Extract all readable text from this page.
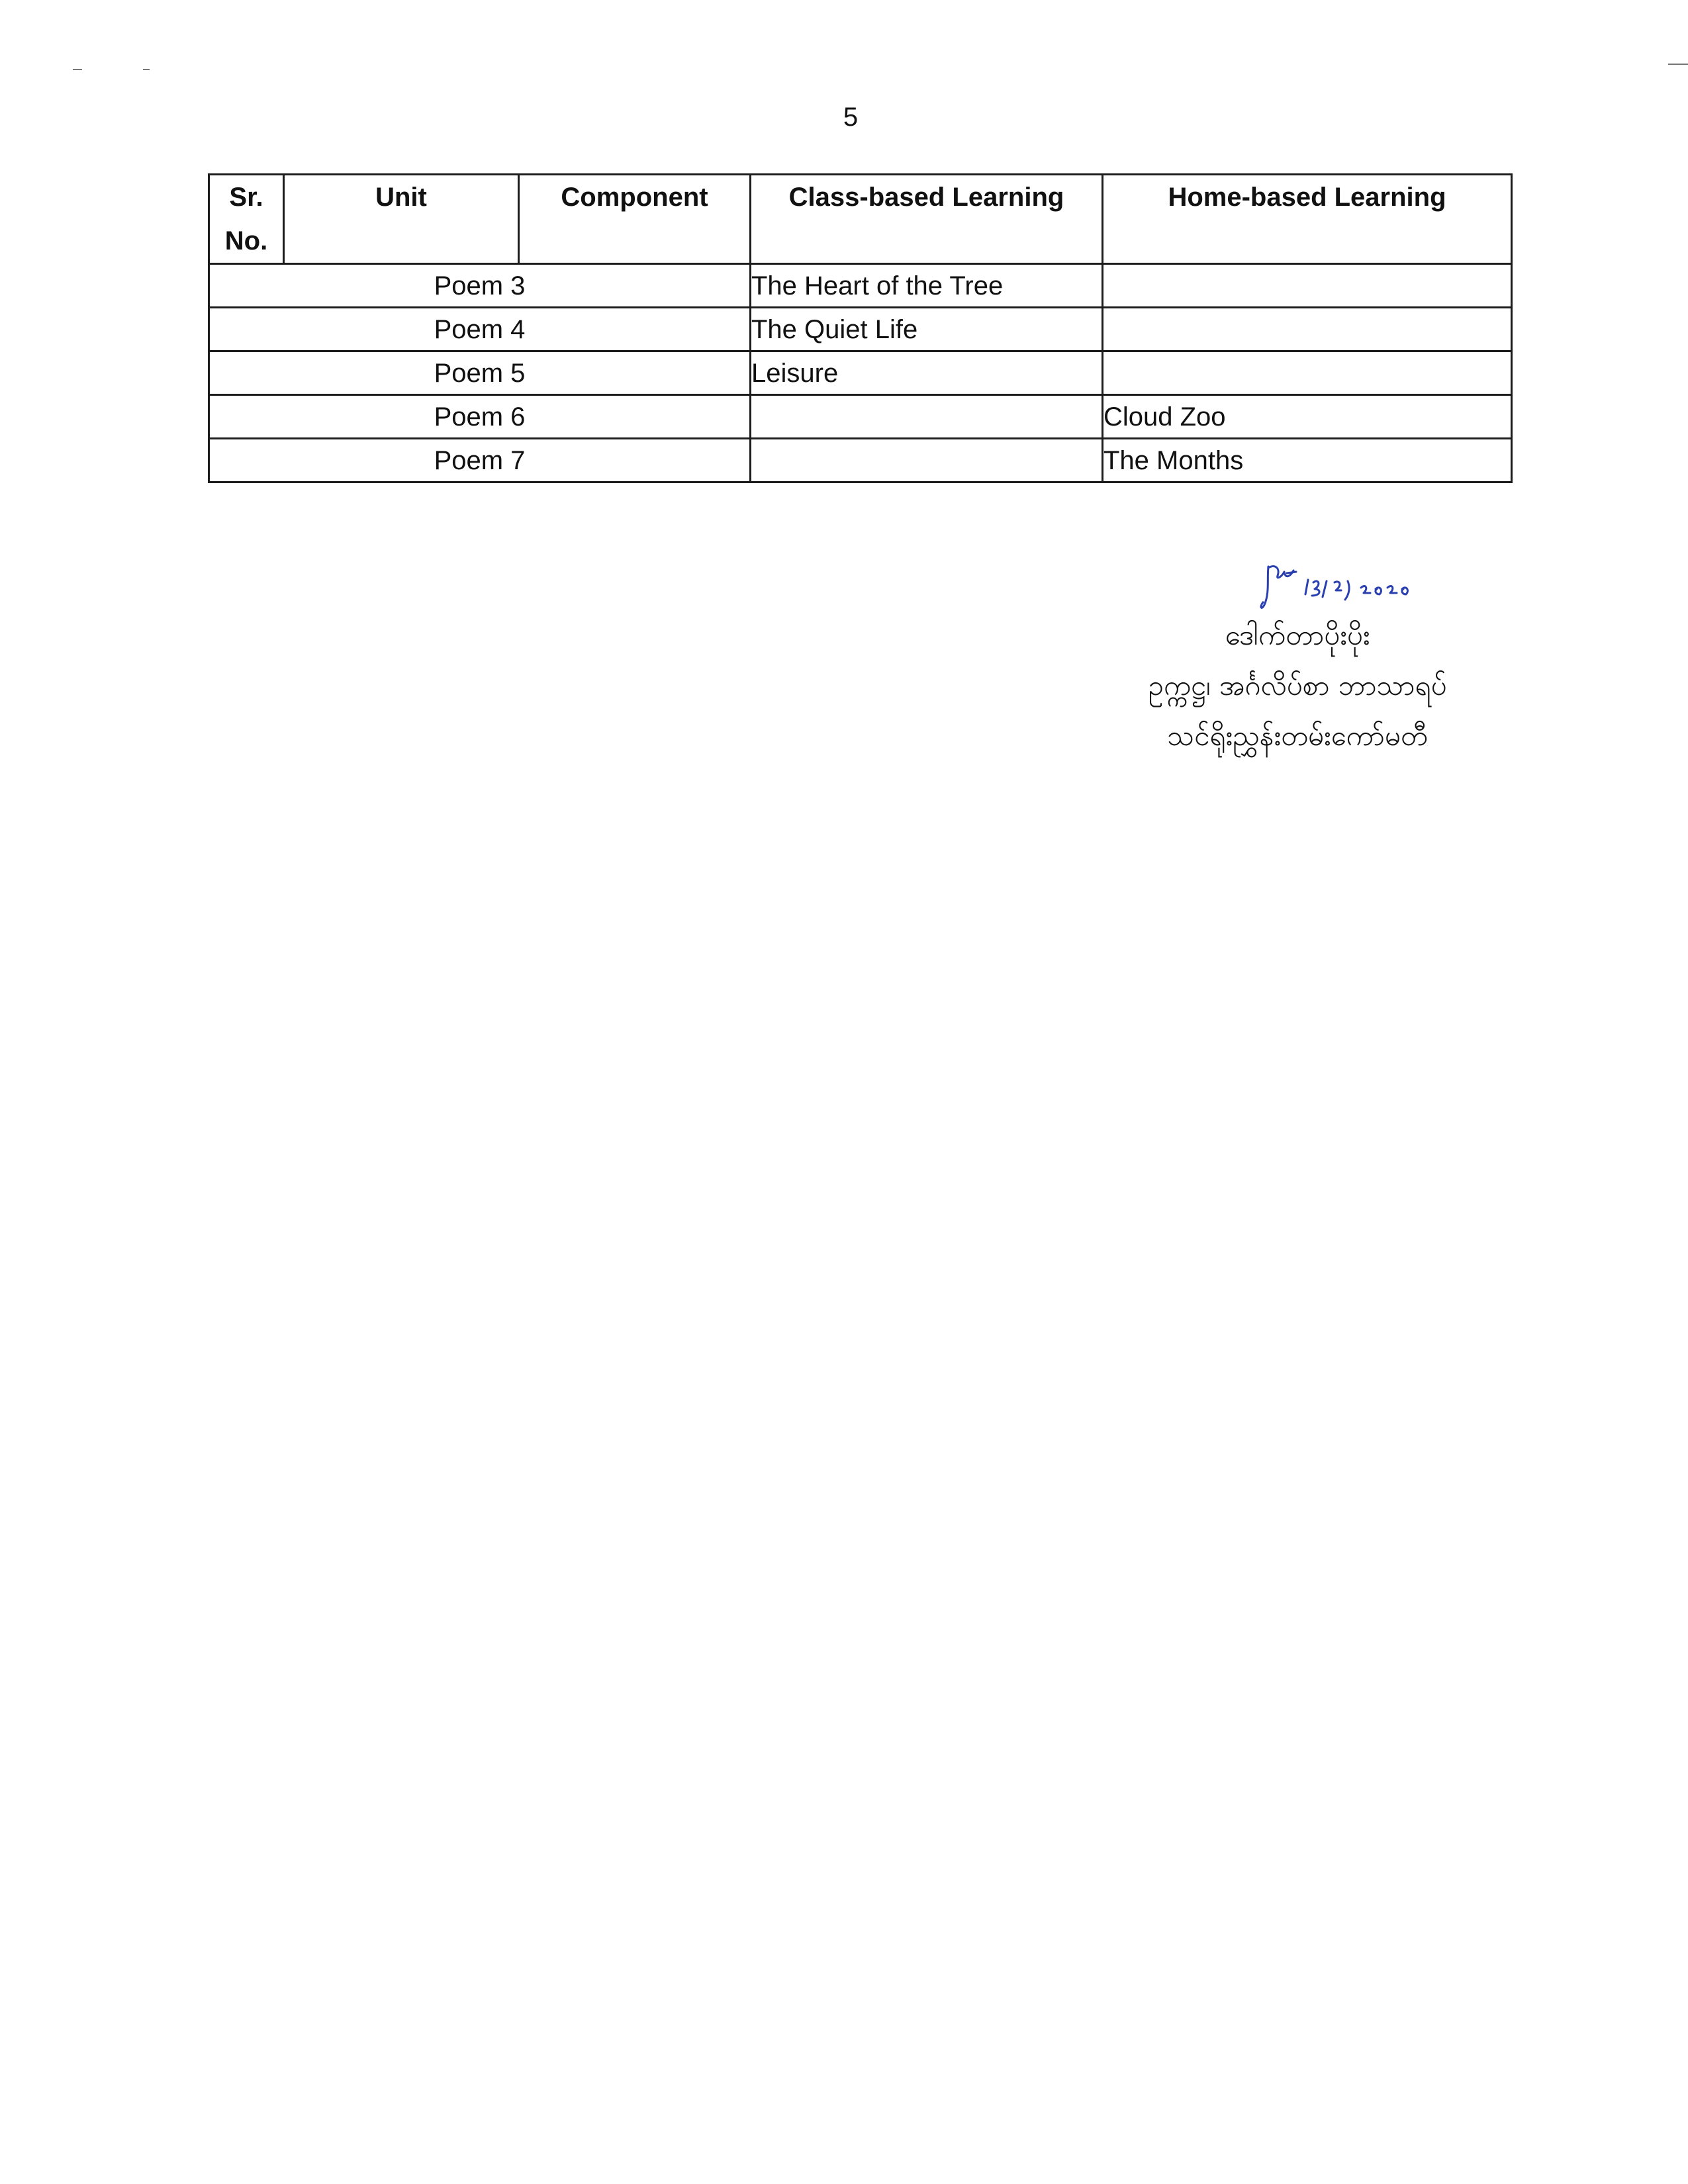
5
Sr.
No.	Unit	Component	Class-based Learning	Home-based Learning
Poem 3			The Heart of the Tree	
Poem 4			The Quiet Life	
Poem 5			Leisure	
Poem 6				Cloud Zoo
Poem 7				The Months
ဒေါက်တာပိုးပိုး
ဥက္ကဋ္ဌ၊ အင်္ဂလိပ်စာ ဘာသာရပ်
သင်ရိုးညွှန်းတမ်းကော်မတီ
